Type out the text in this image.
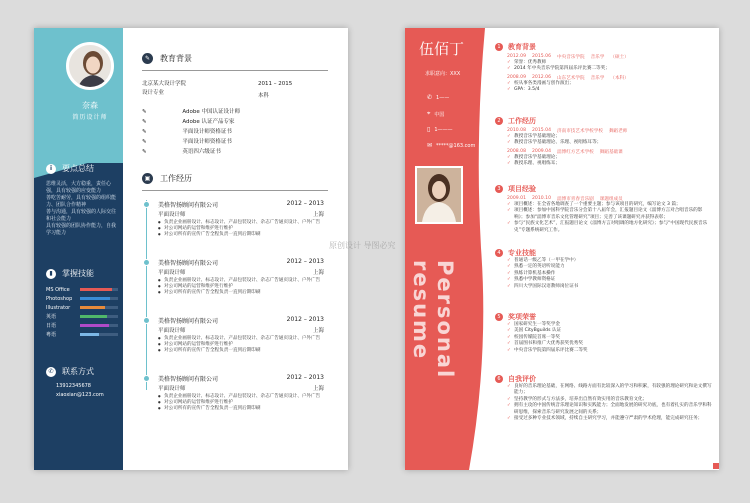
奈森
简历设计师
i	要点总结
思维灵活，大方稳重，责任心强，具有较强的应变能力
善吃苦耐劳，具有较强的组织能力、团队合作精神
善与沟通，具有较强的人际交往和社会能力
具有较强的团队协作能力，自我学习能力
▮	掌握技能
MS Office
Photoshop
Illustrator
英语
日语
粤语
✆	联系方式
13912345678
xiaoxian@123.com
✎	教育背景
北京某大设计学院	2011 – 2015
设计专业	本科
✎	Adobe 中国认证设计师
✎	Adobe 认证产品专家
✎	平面设计师资格证书
✎	平面设计师资格证书
✎	英语四六级证书
▣	工作经历
美格智扬顾问有限公司	2012 – 2013
平面设计师	上海
● 负责企业画册设计、标志设计、产品包装设计、杂志广告通页设计、户外广告
● 对公司网站的运营和维护进行维护
● 对公司所有的宣传广告全程负责一直到后期印刷
美格智扬顾问有限公司	2012 – 2013
平面设计师	上海
● 负责企业画册设计、标志设计、产品包装设计、杂志广告通页设计、户外广告
● 对公司网站的运营和维护进行维护
● 对公司所有的宣传广告全程负责一直到后期印刷
美格智扬顾问有限公司	2012 – 2013
平面设计师	上海
● 负责企业画册设计、标志设计、产品包装设计、杂志广告通页设计、户外广告
● 对公司网站的运营和维护进行维护
● 对公司所有的宣传广告全程负责一直到后期印刷
美格智扬顾问有限公司	2012 – 2013
平面设计师	上海
● 负责企业画册设计、标志设计、产品包装设计、杂志广告通页设计、户外广告
● 对公司网站的运营和维护进行维护
● 对公司所有的宣传广告全程负责一直到后期印刷
原创设计 导图必究
伍佰丁
求职意向：XXX
✆ 1——
⌖ 中国
▯ 1———
✉ *****@163.com
Personal resume
1	教育背景
2012.09 2015.06 中央音乐学院 音乐学 （硕士）
✓ 荣誉：优秀教师
✓ 2014 年中央音乐学院第四届乐评比赛二等奖；
2008.09 2012.06 山东艺术学院 音乐学 （本科）
✓ 校从事各类漫画与创作演出；
✓ GPA：3.5/4
2	工作经历
2010.08 2015.04 济南市技艺术学校学校 舞蹈老师
✓ 教授音乐学基础理论；
✓ 教授音乐学基础理论、乐理、视唱练耳等；
2008.08 2009.04 淄博红方艺术学校 舞蹈基础课
✓ 教授音乐学基础理论；
✓ 教授乐理、视唱练耳；
3	项目经验
2009.01 2010.10 淄博市青春音乐剧 课题组成员
✓ 项目概述：在全省各地调查了一个重要主题；参与该项目的研究，编写论文 3 篇；
✓ 项目概述：参加中国科学院音乐分会第十八届年会，汇报题目论文《淄博方言对合唱音乐的影响》；参加“淄博市音乐文化管理研究”项目；完善了该课题研究并获得表彰；
✓ 参与“民族文化艺术”，汇报题目论文《淄博方言对唱调的地方化研究》；参与“中国现代民族音乐史”专题系统研究工作。
4	专业技能
✓ 普通话一级乙等（一甲在学中）
✓ 熟悉一定的英语听说能力
✓ 熟练计算机基本操作
✓ 熟悉中学教师资格证
✓ 四川大学国际汉语教师岗位证书
5	奖项荣誉
✓ 国家研究生一等奖学金
✓ 美国 CityBguilds 认证
✓ 校园传媒院首席一等奖
✓ 首届图书和推广大优秀获奖优秀奖
✓ 中央音乐学院第四届乐评比赛二等奖
6	自我评价
✓ 良好的音乐理论基础，在网络、线路方面有比较深入的学习和积累，有较强的理论研究和论文撰写能力；
✓ 坚持教学的形式与方法多，培养出自然有效实用的音乐教育文化；
✓ 拥有主攻的中国传统音乐理论知识和实践能力；全面地发展的研究功底，也有着扎实的音乐学和科研思维，探索音乐与研究发展之间的关系；
✓ 接受过多种专业技术领域，持续自主研究学习，并能遵守严肃的学术伦理，能完成研究任务；
